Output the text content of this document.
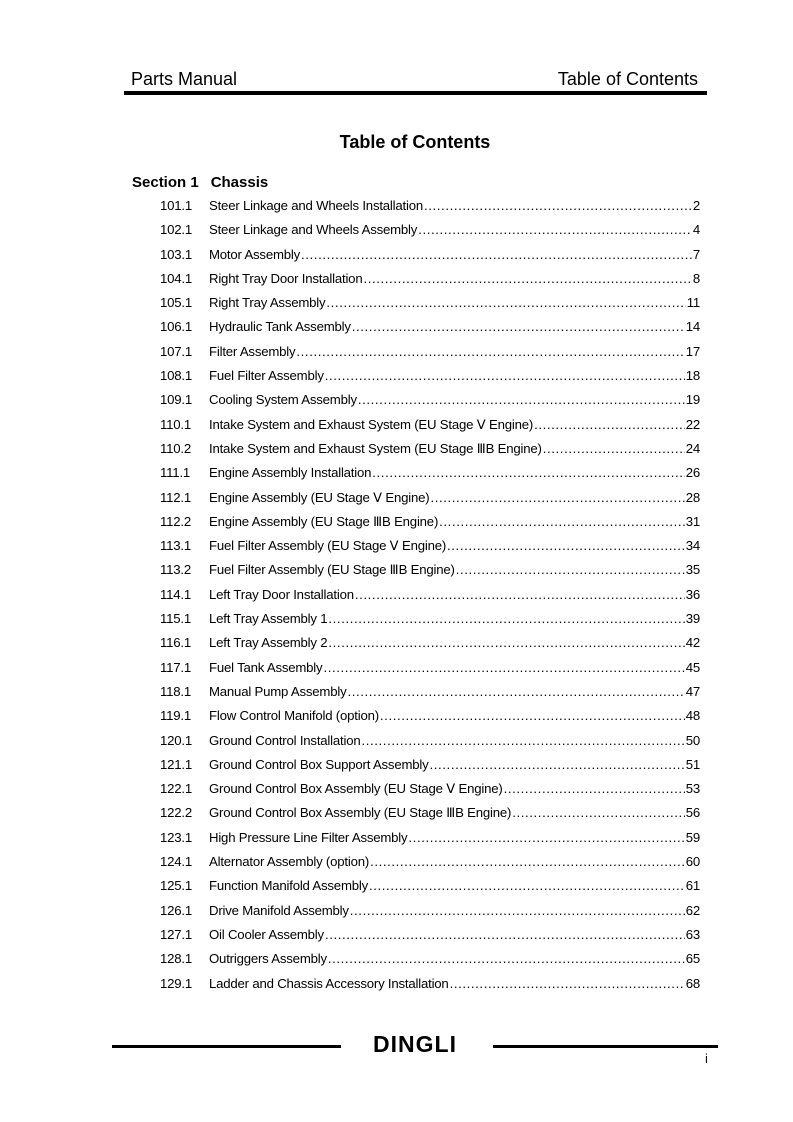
Parts Manual	Table of Contents
Table of Contents
Section 1 Chassis
101.1	Steer Linkage and Wheels Installation .....	2
102.1	Steer Linkage and Wheels Assembly .....	4
103.1	Motor Assembly .....	7
104.1	Right Tray Door Installation .....	8
105.1	Right Tray Assembly .....	11
106.1	Hydraulic Tank Assembly .....	14
107.1	Filter Assembly .....	17
108.1	Fuel Filter Assembly .....	18
109.1	Cooling System Assembly .....	19
110.1	Intake System and Exhaust System (EU Stage Ⅴ Engine) .....	22
110.2	Intake System and Exhaust System (EU Stage ⅢB Engine) .....	24
111.1	Engine Assembly Installation .....	26
112.1	Engine Assembly (EU Stage Ⅴ Engine) .....	28
112.2	Engine Assembly (EU Stage ⅢB Engine) .....	31
113.1	Fuel Filter Assembly (EU Stage Ⅴ Engine) .....	34
113.2	Fuel Filter Assembly (EU Stage ⅢB Engine) .....	35
114.1	Left Tray Door Installation .....	36
115.1	Left Tray Assembly 1 .....	39
116.1	Left Tray Assembly 2 .....	42
117.1	Fuel Tank Assembly .....	45
118.1	Manual Pump Assembly .....	47
119.1	Flow Control Manifold (option) .....	48
120.1	Ground Control Installation .....	50
121.1	Ground Control Box Support Assembly .....	51
122.1	Ground Control Box Assembly (EU Stage Ⅴ Engine) .....	53
122.2	Ground Control Box Assembly (EU Stage ⅢB Engine) .....	56
123.1	High Pressure Line Filter Assembly .....	59
124.1	Alternator Assembly (option) .....	60
125.1	Function Manifold Assembly .....	61
126.1	Drive Manifold Assembly .....	62
127.1	Oil Cooler Assembly .....	63
128.1	Outriggers Assembly .....	65
129.1	Ladder and Chassis Accessory Installation .....	68
DINGLI
i
